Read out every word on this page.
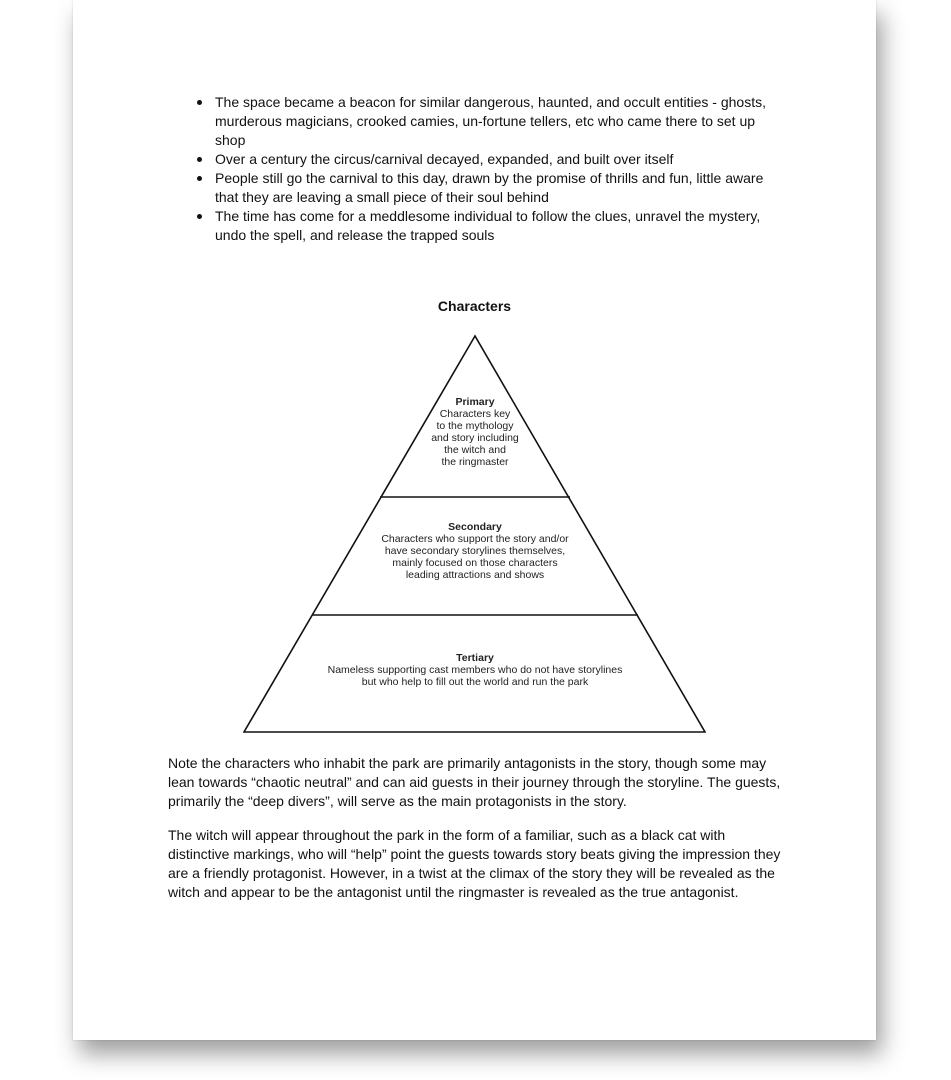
The space became a beacon for similar dangerous, haunted, and occult entities - ghosts, murderous magicians, crooked camies, un-fortune tellers, etc who came there to set up shop
Over a century the circus/carnival decayed, expanded, and built over itself
People still go the carnival to this day, drawn by the promise of thrills and fun, little aware that they are leaving a small piece of their soul behind
The time has come for a meddlesome individual to follow the clues, unravel the mystery, undo the spell, and release the trapped souls
Characters
Primary
Characters key
to the mythology
and story including
the witch and
the ringmaster
Secondary
Characters who support the story and/or
have secondary storylines themselves,
mainly focused on those characters
leading attractions and shows
Tertiary
Nameless supporting cast members who do not have storylines
but who help to fill out the world and run the park

Note the characters who inhabit the park are primarily antagonists in the story, though some may lean towards “chaotic neutral” and can aid guests in their journey through the storyline. The guests, primarily the “deep divers”, will serve as the main protagonists in the story.

The witch will appear throughout the park in the form of a familiar, such as a black cat with distinctive markings, who will “help” point the guests towards story beats giving the impression they are a friendly protagonist. However, in a twist at the climax of the story they will be revealed as the witch and appear to be the antagonist until the ringmaster is revealed as the true antagonist.
